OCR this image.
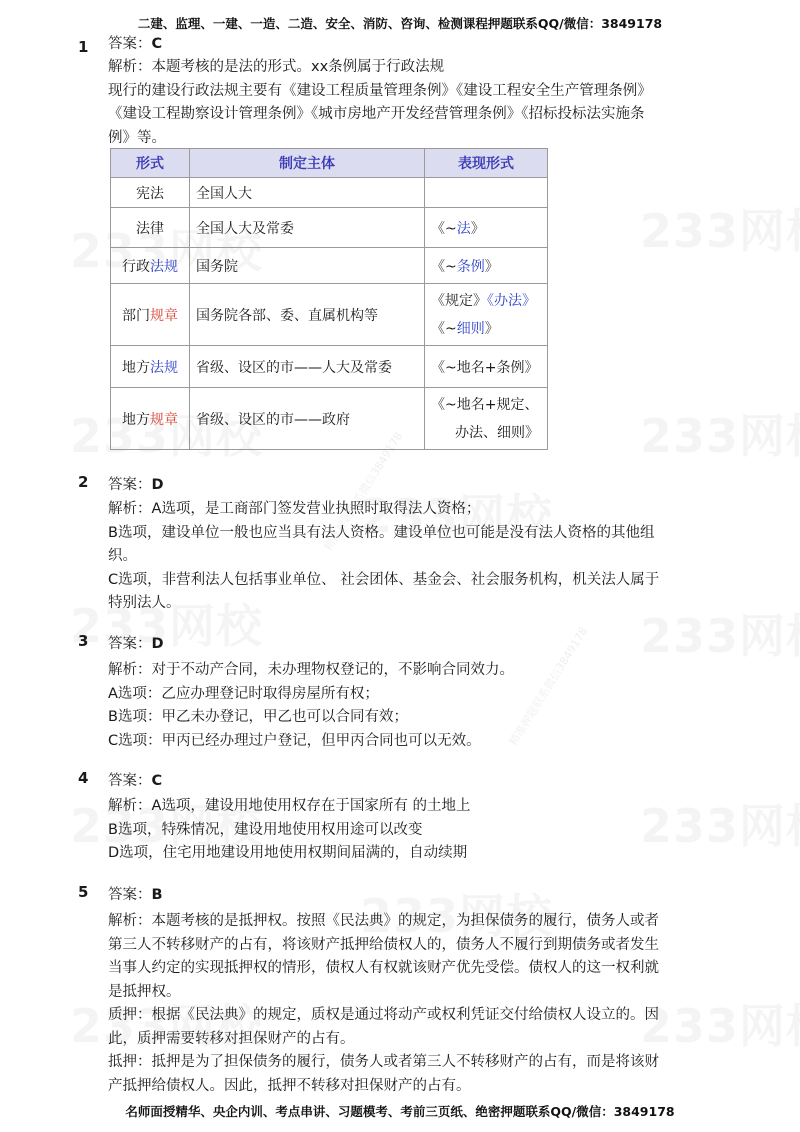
精准押题联系微信3849178
精准押题联系微信3849178
二建、监理、一建、一造、二造、安全、消防、咨询、检测课程押题联系QQ/微信：3849178
1 答案：C
解析：本题考核的是法的形式。xx条例属于行政法规
现行的建设行政法规主要有《建设工程质量管理条例》《建设工程安全生产管理条例》
《建设工程勘察设计管理条例》《城市房地产开发经营管理条例》《招标投标法实施条
例》等。
形式	制定主体	表现形式
宪法	全国人大	
法律	全国人大及常委	《~法》
行政法规	国务院	《~条例》
部门规章	国务院各部、委、直属机构等	《规定》《办法》
《~细则》
地方法规	省级、设区的市——人大及常委	《~地名+条例》
地方规章	省级、设区的市——政府	《~地名+规定、
办法、细则》
2 答案：D
解析：A选项，是工商部门签发营业执照时取得法人资格；
B选项，建设单位一般也应当具有法人资格。建设单位也可能是没有法人资格的其他组
织。
C选项，非营利法人包括事业单位、 社会团体、基金会、社会服务机构，机关法人属于
特别法人。
3 答案：D
解析：对于不动产合同，未办理物权登记的，不影响合同效力。
A选项：乙应办理登记时取得房屋所有权；
B选项：甲乙未办登记，甲乙也可以合同有效；
C选项：甲丙已经办理过户登记，但甲丙合同也可以无效。
4 答案：C
解析：A选项，建设用地使用权存在于国家所有 的土地上
B选项，特殊情况，建设用地使用权用途可以改变
D选项，住宅用地建设用地使用权期间届满的，自动续期
5 答案：B
解析：本题考核的是抵押权。按照《民法典》的规定，为担保债务的履行，债务人或者
第三人不转移财产的占有，将该财产抵押给债权人的，债务人不履行到期债务或者发生
当事人约定的实现抵押权的情形，债权人有权就该财产优先受偿。债权人的这一权利就
是抵押权。
质押：根据《民法典》的规定，质权是通过将动产或权利凭证交付给债权人设立的。因
此，质押需要转移对担保财产的占有。
抵押：抵押是为了担保债务的履行，债务人或者第三人不转移财产的占有，而是将该财
产抵押给债权人。因此，抵押不转移对担保财产的占有。
名师面授精华、央企内训、考点串讲、习题模考、考前三页纸、绝密押题联系QQ/微信：3849178
